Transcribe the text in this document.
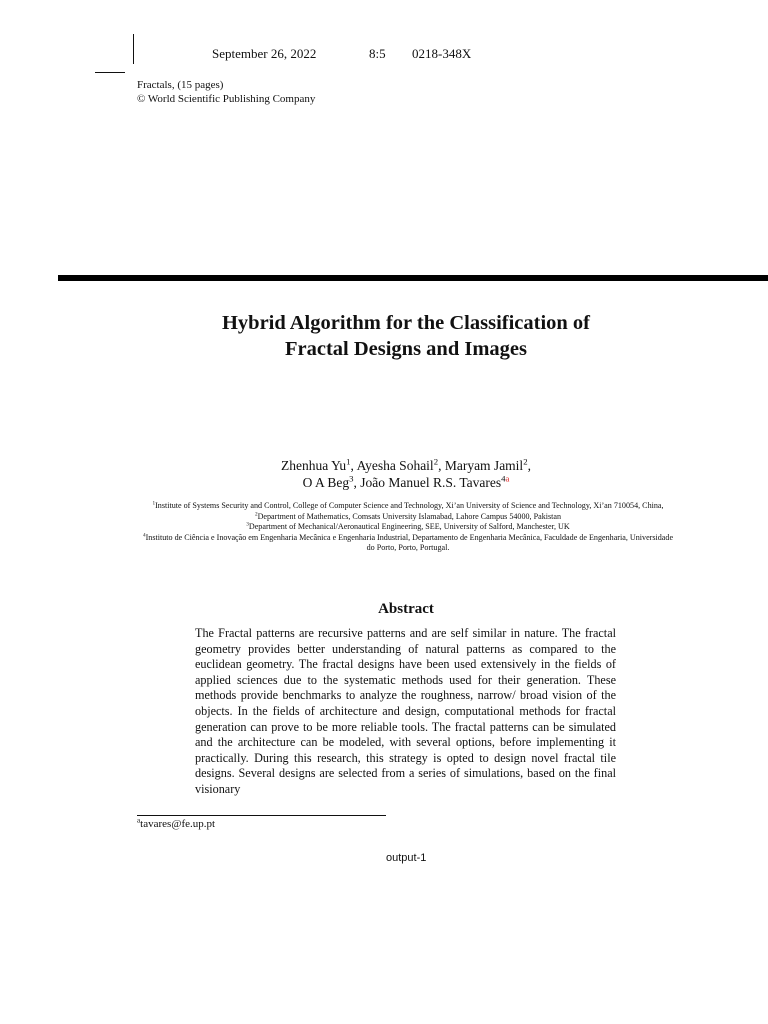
September 26, 2022	8:5 0218-348X
Fractals, (15 pages)
© World Scientific Publishing Company
Hybrid Algorithm for the Classification of
Fractal Designs and Images
Zhenhua Yu$^1$, Ayesha Sohail$^2$, Maryam Jamil$^2$,
O A Beg$^3$, João Manuel R.S. Tavares$^{4a}$
$^1$Institute of Systems Security and Control, College of Computer Science and Technology, Xi’an University of Science and Technology, Xi’an 710054, China,
$^2$Department of Mathematics, Comsats University Islamabad, Lahore Campus 54000, Pakistan
$^3$Department of Mechanical/Aeronautical Engineering, SEE, University of Salford, Manchester, UK
$^4$Instituto de Ciência e Inovação em Engenharia Mecânica e Engenharia Industrial, Departamento de Engenharia Mecânica, Faculdade de Engenharia, Universidade do Porto, Porto, Portugal.
Abstract
The Fractal patterns are recursive patterns and are self similar in nature. The fractal geometry provides better understanding of natural patterns as compared to the euclidean geometry. The fractal designs have been used extensively in the fields of applied sciences due to the systematic methods used for their generation. These methods provide benchmarks to analyze the roughness, narrow/ broad vision of the objects. In the fields of architecture and design, computational methods for fractal generation can prove to be more reliable tools. The fractal patterns can be simulated and the architecture can be modeled, with several options, before implementing it practically. During this research, this strategy is opted to design novel fractal tile designs. Several designs are selected from a series of simulations, based on the final visionary
$^a$tavares@fe.up.pt
output-1
